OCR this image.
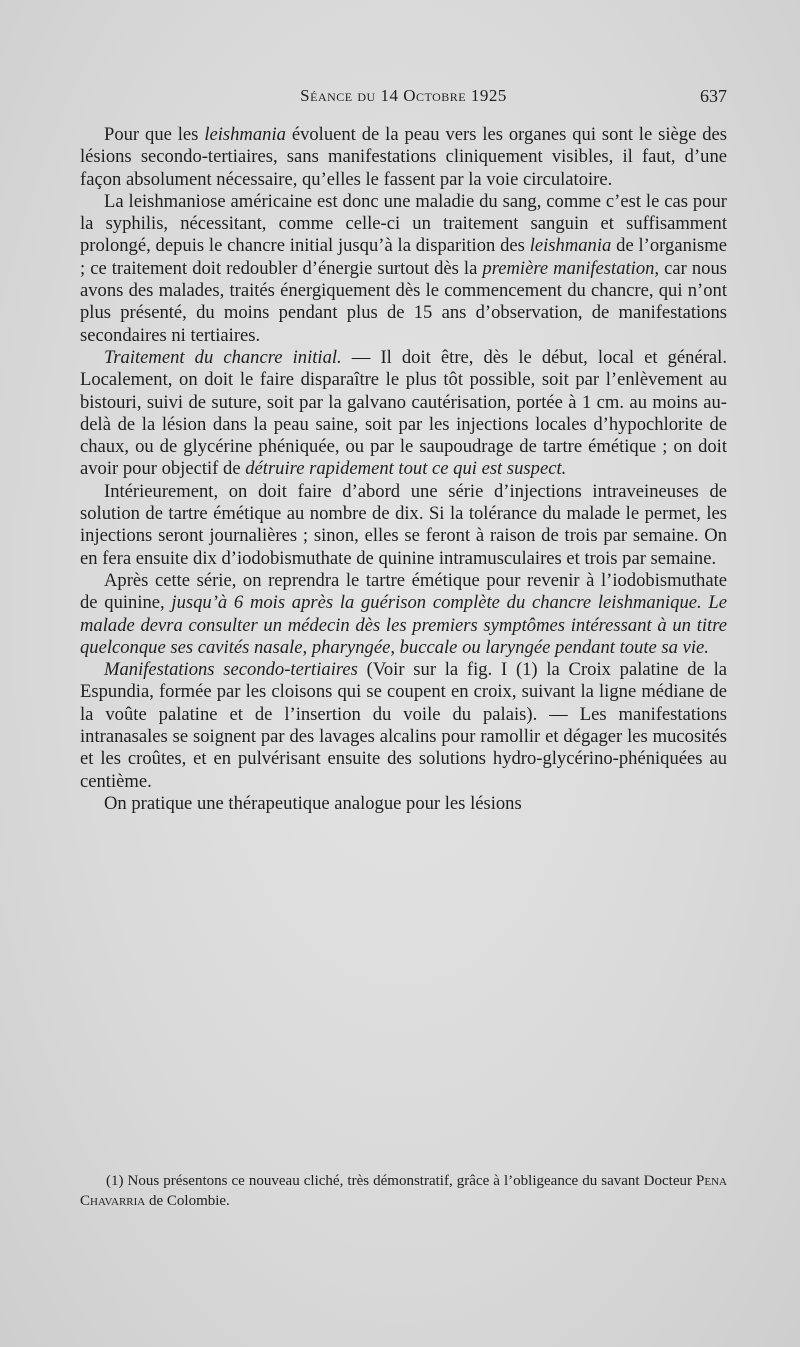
Séance du 14 Octobre 1925	637

Pour que les leishmania évoluent de la peau vers les organes qui sont le siège des lésions secondo-tertiaires, sans manifestations cliniquement visibles, il faut, d’une façon absolument nécessaire, qu’elles le fassent par la voie circulatoire.

La leishmaniose américaine est donc une maladie du sang, comme c’est le cas pour la syphilis, nécessitant, comme celle-ci un traitement sanguin et suffisamment prolongé, depuis le chancre initial jusqu’à la disparition des leishmania de l’organisme ; ce traitement doit redoubler d’énergie surtout dès la première manifestation, car nous avons des malades, traités énergiquement dès le commencement du chancre, qui n’ont plus présenté, du moins pendant plus de 15 ans d’observation, de manifestations secondaires ni tertiaires.

Traitement du chancre initial. — Il doit être, dès le début, local et général. Localement, on doit le faire disparaître le plus tôt possible, soit par l’enlèvement au bistouri, suivi de suture, soit par la galvano cautérisation, portée à 1 cm. au moins au-delà de la lésion dans la peau saine, soit par les injections locales d’hypochlorite de chaux, ou de glycérine phéniquée, ou par le saupoudrage de tartre émétique ; on doit avoir pour objectif de détruire rapidement tout ce qui est suspect.

Intérieurement, on doit faire d’abord une série d’injections intraveineuses de solution de tartre émétique au nombre de dix. Si la tolérance du malade le permet, les injections seront journalières ; sinon, elles se feront à raison de trois par semaine. On en fera ensuite dix d’iodobismuthate de quinine intramusculaires et trois par semaine.

Après cette série, on reprendra le tartre émétique pour revenir à l’iodobismuthate de quinine, jusqu’à 6 mois après la guérison complète du chancre leishmanique. Le malade devra consulter un médecin dès les premiers symptômes intéressant à un titre quelconque ses cavités nasale, pharyngée, buccale ou laryngée pendant toute sa vie.

Manifestations secondo-tertiaires (Voir sur la fig. I (1) la Croix palatine de la Espundia, formée par les cloisons qui se coupent en croix, suivant la ligne médiane de la voûte palatine et de l’insertion du voile du palais). — Les manifestations intranasales se soignent par des lavages alcalins pour ramollir et dégager les mucosités et les croûtes, et en pulvérisant ensuite des solutions hydro-glycérino-phéniquées au centième.

On pratique une thérapeutique analogue pour les lésions

(1) Nous présentons ce nouveau cliché, très démonstratif, grâce à l’obligeance du savant Docteur Pena Chavarria de Colombie.
